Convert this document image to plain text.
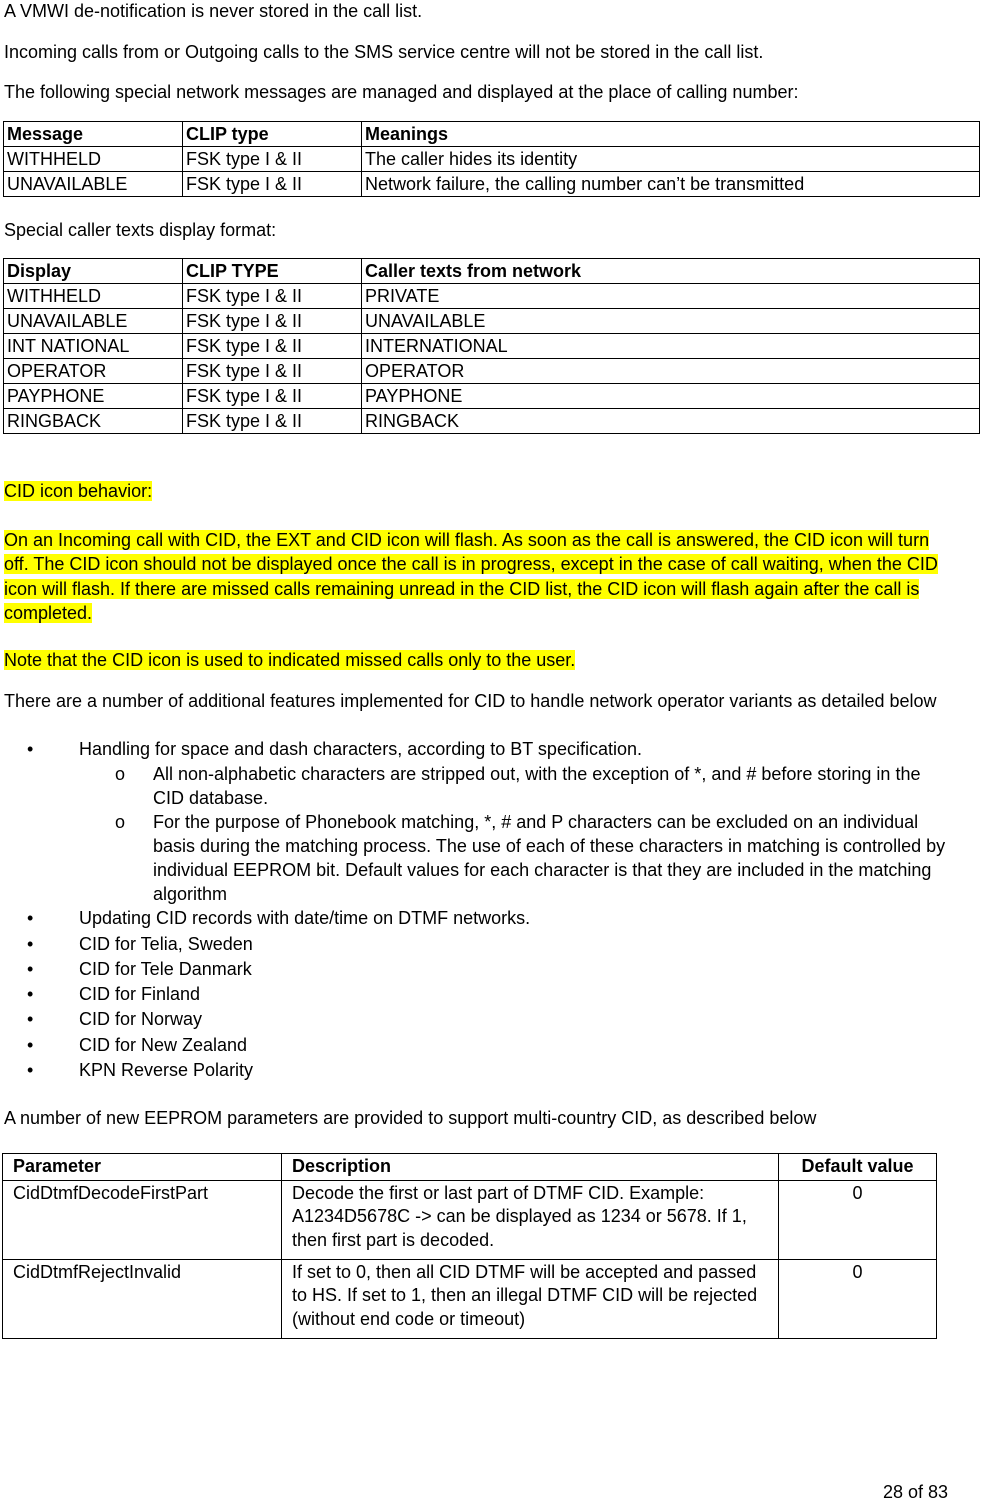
A VMWI de-notification is never stored in the call list.

Incoming calls from or Outgoing calls to the SMS service centre will not be stored in the call list.

The following special network messages are managed and displayed at the place of calling number:

Message	CLIP type	Meanings
WITHHELD	FSK type I & II	The caller hides its identity
UNAVAILABLE	FSK type I & II	Network failure, the calling number can’t be transmitted

Special caller texts display format:

Display	CLIP TYPE	Caller texts from network
WITHHELD	FSK type I & II	PRIVATE
UNAVAILABLE	FSK type I & II	UNAVAILABLE
INT NATIONAL	FSK type I & II	INTERNATIONAL
OPERATOR	FSK type I & II	OPERATOR
PAYPHONE	FSK type I & II	PAYPHONE
RINGBACK	FSK type I & II	RINGBACK

CID icon behavior:

On an Incoming call with CID, the EXT and CID icon will flash. As soon as the call is answered, the CID icon will turn off. The CID icon should not be displayed once the call is in progress, except in the case of call waiting, when the CID icon will flash. If there are missed calls remaining unread in the CID list, the CID icon will flash again after the call is completed.

Note that the CID icon is used to indicated missed calls only to the user.

There are a number of additional features implemented for CID to handle network operator variants as detailed below

•	Handling for space and dash characters, according to BT specification.
o All non-alphabetic characters are stripped out, with the exception of *, and # before storing in the CID database.
o For the purpose of Phonebook matching, *, # and P characters can be excluded on an individual basis during the matching process. The use of each of these characters in matching is controlled by individual EEPROM bit. Default values for each character is that they are included in the matching algorithm
•	Updating CID records with date/time on DTMF networks.
•	CID for Telia, Sweden
•	CID for Tele Danmark
•	CID for Finland
•	CID for Norway
•	CID for New Zealand
•	KPN Reverse Polarity

A number of new EEPROM parameters are provided to support multi-country CID, as described below

Parameter	Description	Default value
CidDtmfDecodeFirstPart	Decode the first or last part of DTMF CID. Example: A1234D5678C -> can be displayed as 1234 or 5678. If 1, then first part is decoded.	0
CidDtmfRejectInvalid	If set to 0, then all CID DTMF will be accepted and passed to HS. If set to 1, then an illegal DTMF CID will be rejected (without end code or timeout)	0
28 of 83
